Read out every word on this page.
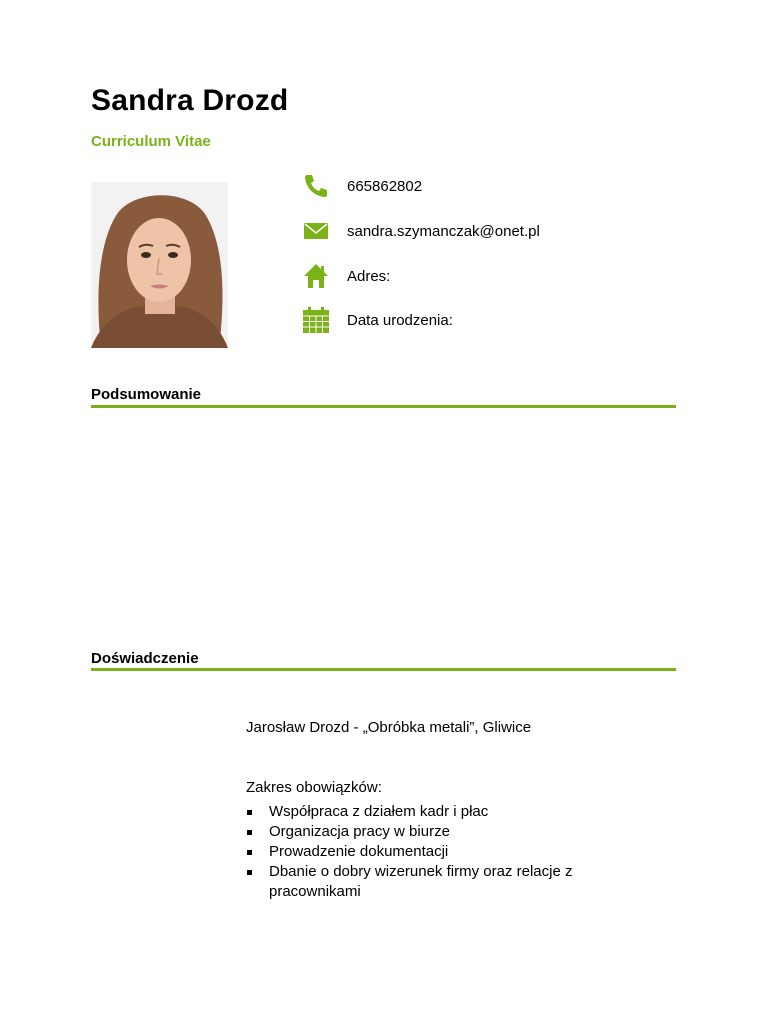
Sandra Drozd
Curriculum Vitae
665862802
sandra.szymanczak@onet.pl
Adres:
Data urodzenia:
Podsumowanie
Doświadczenie
Jarosław Drozd - „Obróbka metali”, Gliwice
Zakres obowiązków:
Współpraca z działem kadr i płac
Organizacja pracy w biurze
Prowadzenie dokumentacji
Dbanie o dobry wizerunek firmy oraz relacje z pracownikami
